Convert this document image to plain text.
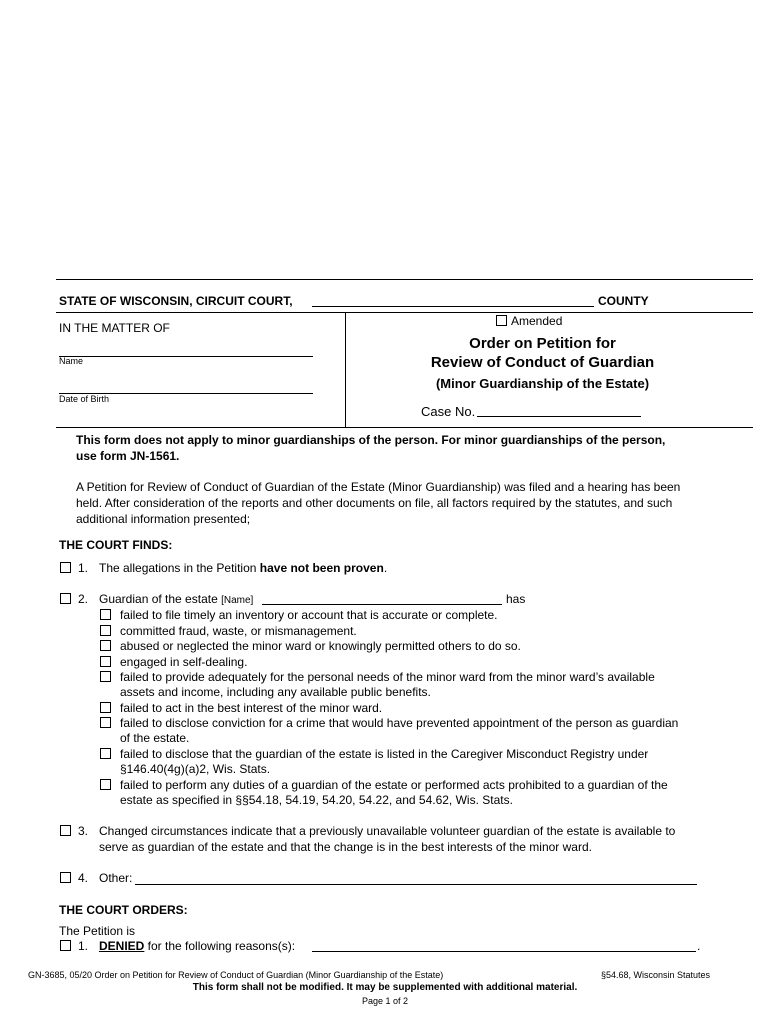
STATE OF WISCONSIN, CIRCUIT COURT,	COUNTY
IN THE MATTER OF
Name
Date of Birth
Amended
Order on Petition for
Review of Conduct of Guardian
(Minor Guardianship of the Estate)
Case No.
This form does not apply to minor guardianships of the person. For minor guardianships of the person,
use form JN-1561.
A Petition for Review of Conduct of Guardian of the Estate (Minor Guardianship) was filed and a hearing has been
held. After consideration of the reports and other documents on file, all factors required by the statutes, and such
additional information presented;
THE COURT FINDS:
1. The allegations in the Petition have not been proven.
2. Guardian of the estate [Name]	has
failed to file timely an inventory or account that is accurate or complete.
committed fraud, waste, or mismanagement.
abused or neglected the minor ward or knowingly permitted others to do so.
engaged in self-dealing.
failed to provide adequately for the personal needs of the minor ward from the minor ward’s available
assets and income, including any available public benefits.
failed to act in the best interest of the minor ward.
failed to disclose conviction for a crime that would have prevented appointment of the person as guardian
of the estate.
failed to disclose that the guardian of the estate is listed in the Caregiver Misconduct Registry under
§146.40(4g)(a)2, Wis. Stats.
failed to perform any duties of a guardian of the estate or performed acts prohibited to a guardian of the
estate as specified in §§54.18, 54.19, 54.20, 54.22, and 54.62, Wis. Stats.
3. Changed circumstances indicate that a previously unavailable volunteer guardian of the estate is available to
serve as guardian of the estate and that the change is in the best interests of the minor ward.
4. Other:
THE COURT ORDERS:
The Petition is
1. DENIED for the following reasons(s):	.
GN-3685, 05/20 Order on Petition for Review of Conduct of Guardian (Minor Guardianship of the Estate)	§54.68, Wisconsin Statutes
This form shall not be modified. It may be supplemented with additional material.
Page 1 of 2
